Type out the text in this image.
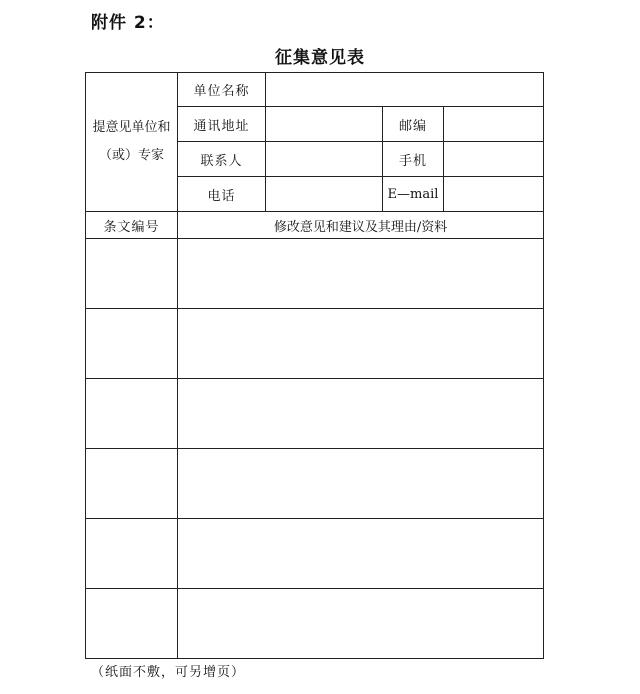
附件 2：
征集意见表
提意见单位和
（或）专家	单位名称			
	通讯地址		邮编	
	联系人		手机	
	电话		E—mail	
条文编号	修改意见和建议及其理由/资料			

（纸面不敷，可另增页）
